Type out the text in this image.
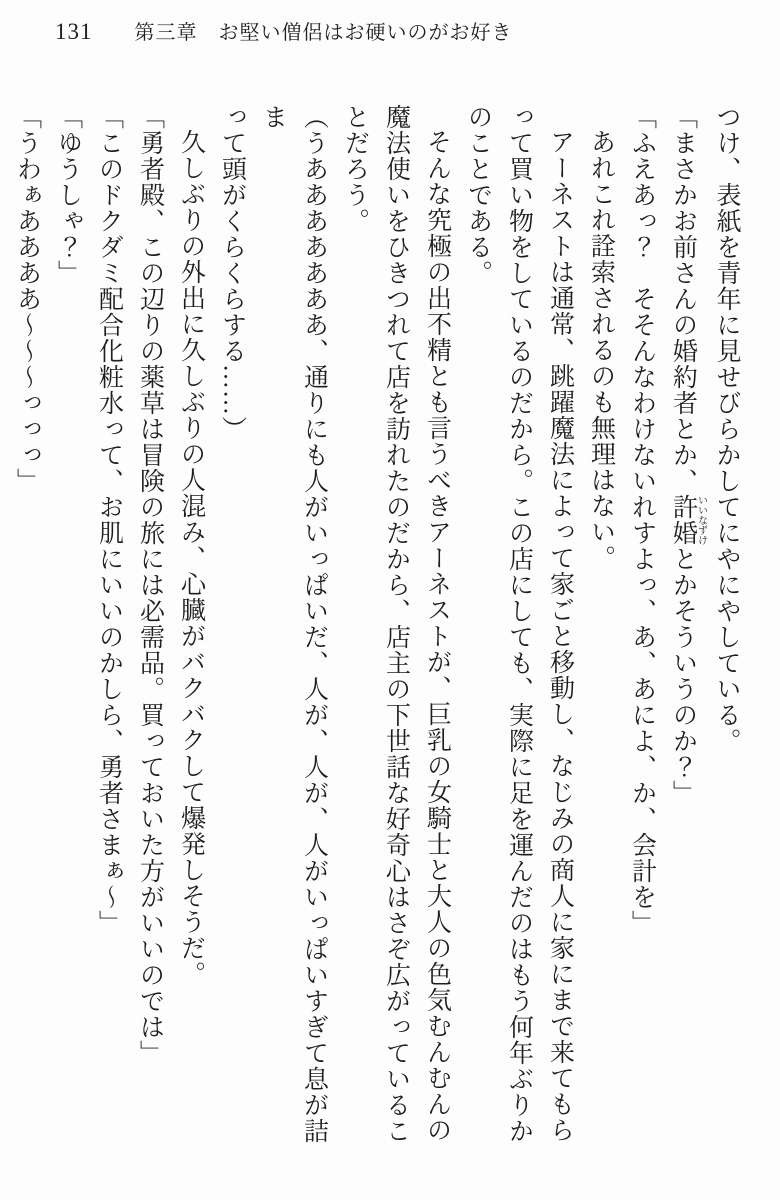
131 第三章　お堅い僧侶はお硬いのがお好き
つけ、表紙を青年に見せびらかしてにやにやしている。
「まさかお前さんの婚約者とか、許婚 いいなずけとかそういうのか？」
「ふえあっ？　そそんなわけないれすよっ、あ、あによ、か、会計を」
あれこれ詮索されるのも無理はない。
アーネストは通常、跳躍魔法によって家ごと移動し、なじみの商人に家にまで来てもら
って買い物をしているのだから。この店にしても、実際に足を運んだのはもう何年ぶりか
のことである。
そんな究極の出不精とも言うべきアーネストが、巨乳の女騎士と大人の色気むんむんの
魔法使いをひきつれて店を訪れたのだから、店主の下世話な好奇心はさぞ広がっているこ
とだろう。
（うあああああああ、通りにも人がいっぱいだ、人が、人が、人がいっぱいすぎて息が詰ま
って頭がくらくらする……）
久しぶりの外出に久しぶりの人混み、心臓がバクバクして爆発しそうだ。
「勇者殿、この辺りの薬草は冒険の旅には必需品。買っておいた方がいいのでは」
「このドクダミ配合化粧水って、お肌にいいのかしら、勇者さまぁ〜」
「ゆうしゃ？」
「うわぁああああ〜〜〜っっっ」
